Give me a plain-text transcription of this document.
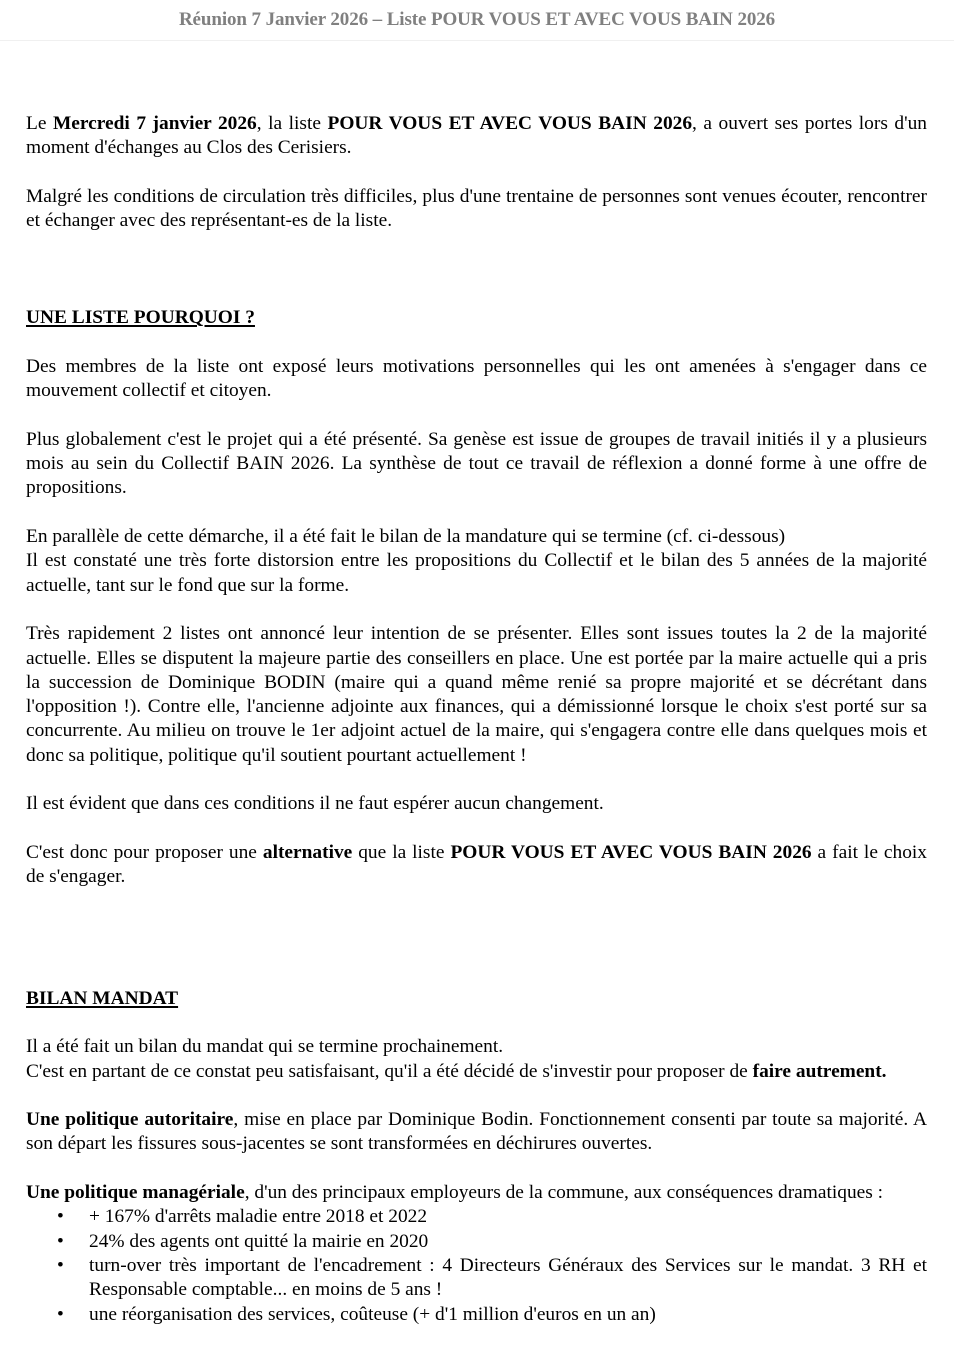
Réunion 7 Janvier 2026 – Liste POUR VOUS ET AVEC VOUS BAIN 2026

Le Mercredi 7 janvier 2026, la liste POUR VOUS ET AVEC VOUS BAIN 2026, a ouvert ses portes lors d'un moment d'échanges au Clos des Cerisiers.

Malgré les conditions de circulation très difficiles, plus d'une trentaine de personnes sont venues écouter, rencontrer et échanger avec des représentant-es de la liste.

UNE LISTE POURQUOI ?

Des membres de la liste ont exposé leurs motivations personnelles qui les ont amenées à s'engager dans ce mouvement collectif et citoyen.

Plus globalement c'est le projet qui a été présenté. Sa genèse est issue de groupes de travail initiés il y a plusieurs mois au sein du Collectif BAIN 2026. La synthèse de tout ce travail de réflexion a donné forme à une offre de propositions.

En parallèle de cette démarche, il a été fait le bilan de la mandature qui se termine (cf. ci-dessous)

Il est constaté une très forte distorsion entre les propositions du Collectif et le bilan des 5 années de la majorité actuelle, tant sur le fond que sur la forme.

Très rapidement 2 listes ont annoncé leur intention de se présenter. Elles sont issues toutes la 2 de la majorité actuelle. Elles se disputent la majeure partie des conseillers en place. Une est portée par la maire actuelle qui a pris la succession de Dominique BODIN (maire qui a quand même renié sa propre majorité et se décrétant dans l'opposition !). Contre elle, l'ancienne adjointe aux finances, qui a démissionné lorsque le choix s'est porté sur sa concurrente. Au milieu on trouve le 1er adjoint actuel de la maire, qui s'engagera contre elle dans quelques mois et donc sa politique, politique qu'il soutient pourtant actuellement !

Il est évident que dans ces conditions il ne faut espérer aucun changement.

C'est donc pour proposer une alternative que la liste POUR VOUS ET AVEC VOUS BAIN 2026 a fait le choix de s'engager.

BILAN MANDAT

Il a été fait un bilan du mandat qui se termine prochainement.

C'est en partant de ce constat peu satisfaisant, qu'il a été décidé de s'investir pour proposer de faire autrement.

Une politique autoritaire, mise en place par Dominique Bodin. Fonctionnement consenti par toute sa majorité. A son départ les fissures sous-jacentes se sont transformées en déchirures ouvertes.

Une politique managériale, d'un des principaux employeurs de la commune, aux conséquences dramatiques :

• + 167% d'arrêts maladie entre 2018 et 2022
• 24% des agents ont quitté la mairie en 2020
• turn-over très important de l'encadrement : 4 Directeurs Généraux des Services sur le mandat. 3 RH et Responsable comptable... en moins de 5 ans !
• une réorganisation des services, coûteuse (+ d'1 million d'euros en un an)
